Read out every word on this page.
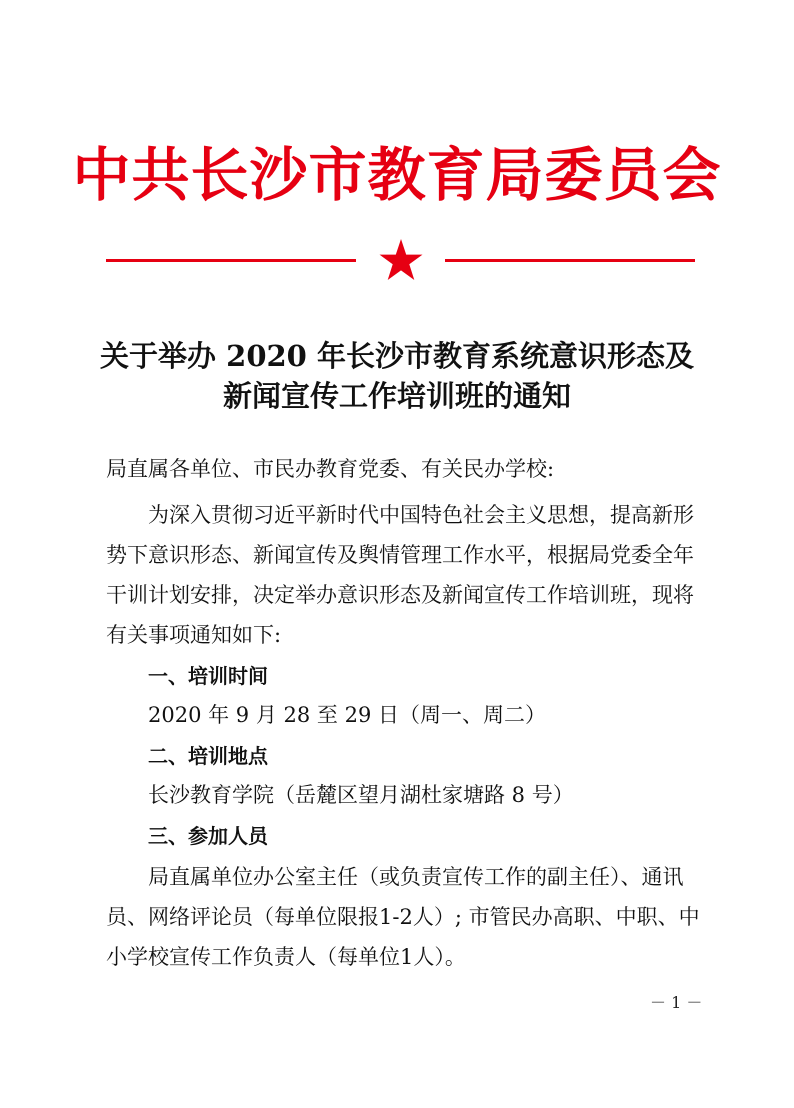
中共长沙市教育局委员会
关于举办 2020 年长沙市教育系统意识形态及
新闻宣传工作培训班的通知
局直属各单位、市民办教育党委、有关民办学校:
为深入贯彻习近平新时代中国特色社会主义思想，提高新形
势下意识形态、新闻宣传及舆情管理工作水平，根据局党委全年
干训计划安排，决定举办意识形态及新闻宣传工作培训班，现将
有关事项通知如下:
一、培训时间
2020 年 9 月 28 至 29 日（周一、周二）
二、培训地点
长沙教育学院（岳麓区望月湖杜家塘路 8 号）
三、参加人员
局直属单位办公室主任（或负责宣传工作的副主任）、通讯
员、网络评论员（每单位限报1-2人）; 市管民办高职、中职、中
小学校宣传工作负责人（每单位1人）。
－ 1 －
